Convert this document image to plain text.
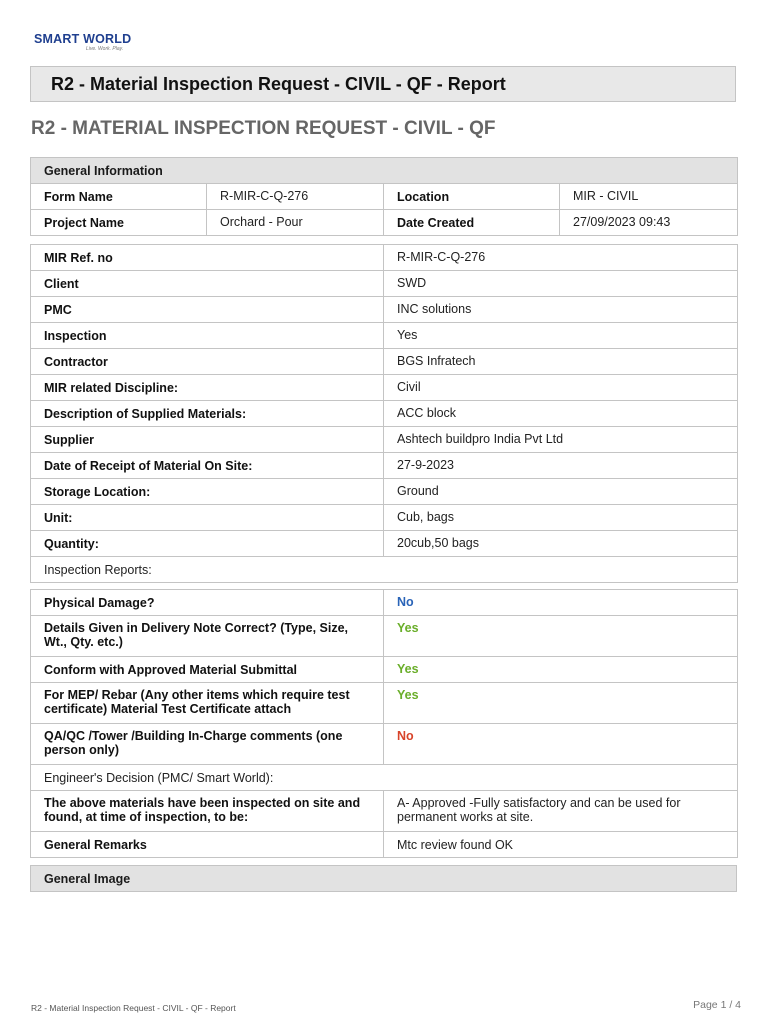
SMART WORLD
Live. Work. Play.
R2 - Material Inspection Request - CIVIL - QF - Report
R2 - MATERIAL INSPECTION REQUEST - CIVIL - QF
General Information			
Form Name	R-MIR-C-Q-276	Location	MIR - CIVIL
Project Name	Orchard - Pour	Date Created	27/09/2023 09:43
MIR Ref. no	R-MIR-C-Q-276
Client	SWD
PMC	INC solutions
Inspection	Yes
Contractor	BGS Infratech
MIR related Discipline:	Civil
Description of Supplied Materials:	ACC block
Supplier	Ashtech buildpro India Pvt Ltd
Date of Receipt of Material On Site:	27-9-2023
Storage Location:	Ground
Unit:	Cub, bags
Quantity:	20cub,50 bags
Inspection Reports:	
Physical Damage?	No
Details Given in Delivery Note Correct? (Type, Size, Wt., Qty. etc.)	Yes
Conform with Approved Material Submittal	Yes
For MEP/ Rebar (Any other items which require test certificate) Material Test Certificate attach	Yes
QA/QC /Tower /Building In-Charge comments (one person only)	No
Engineer's Decision (PMC/ Smart World):	
The above materials have been inspected on site and found, at time of inspection, to be:	A- Approved -Fully satisfactory and can be used for permanent works at site.
General Remarks	Mtc review found OK
General Image
R2 - Material Inspection Request - CIVIL - QF - Report	Page 1 / 4
